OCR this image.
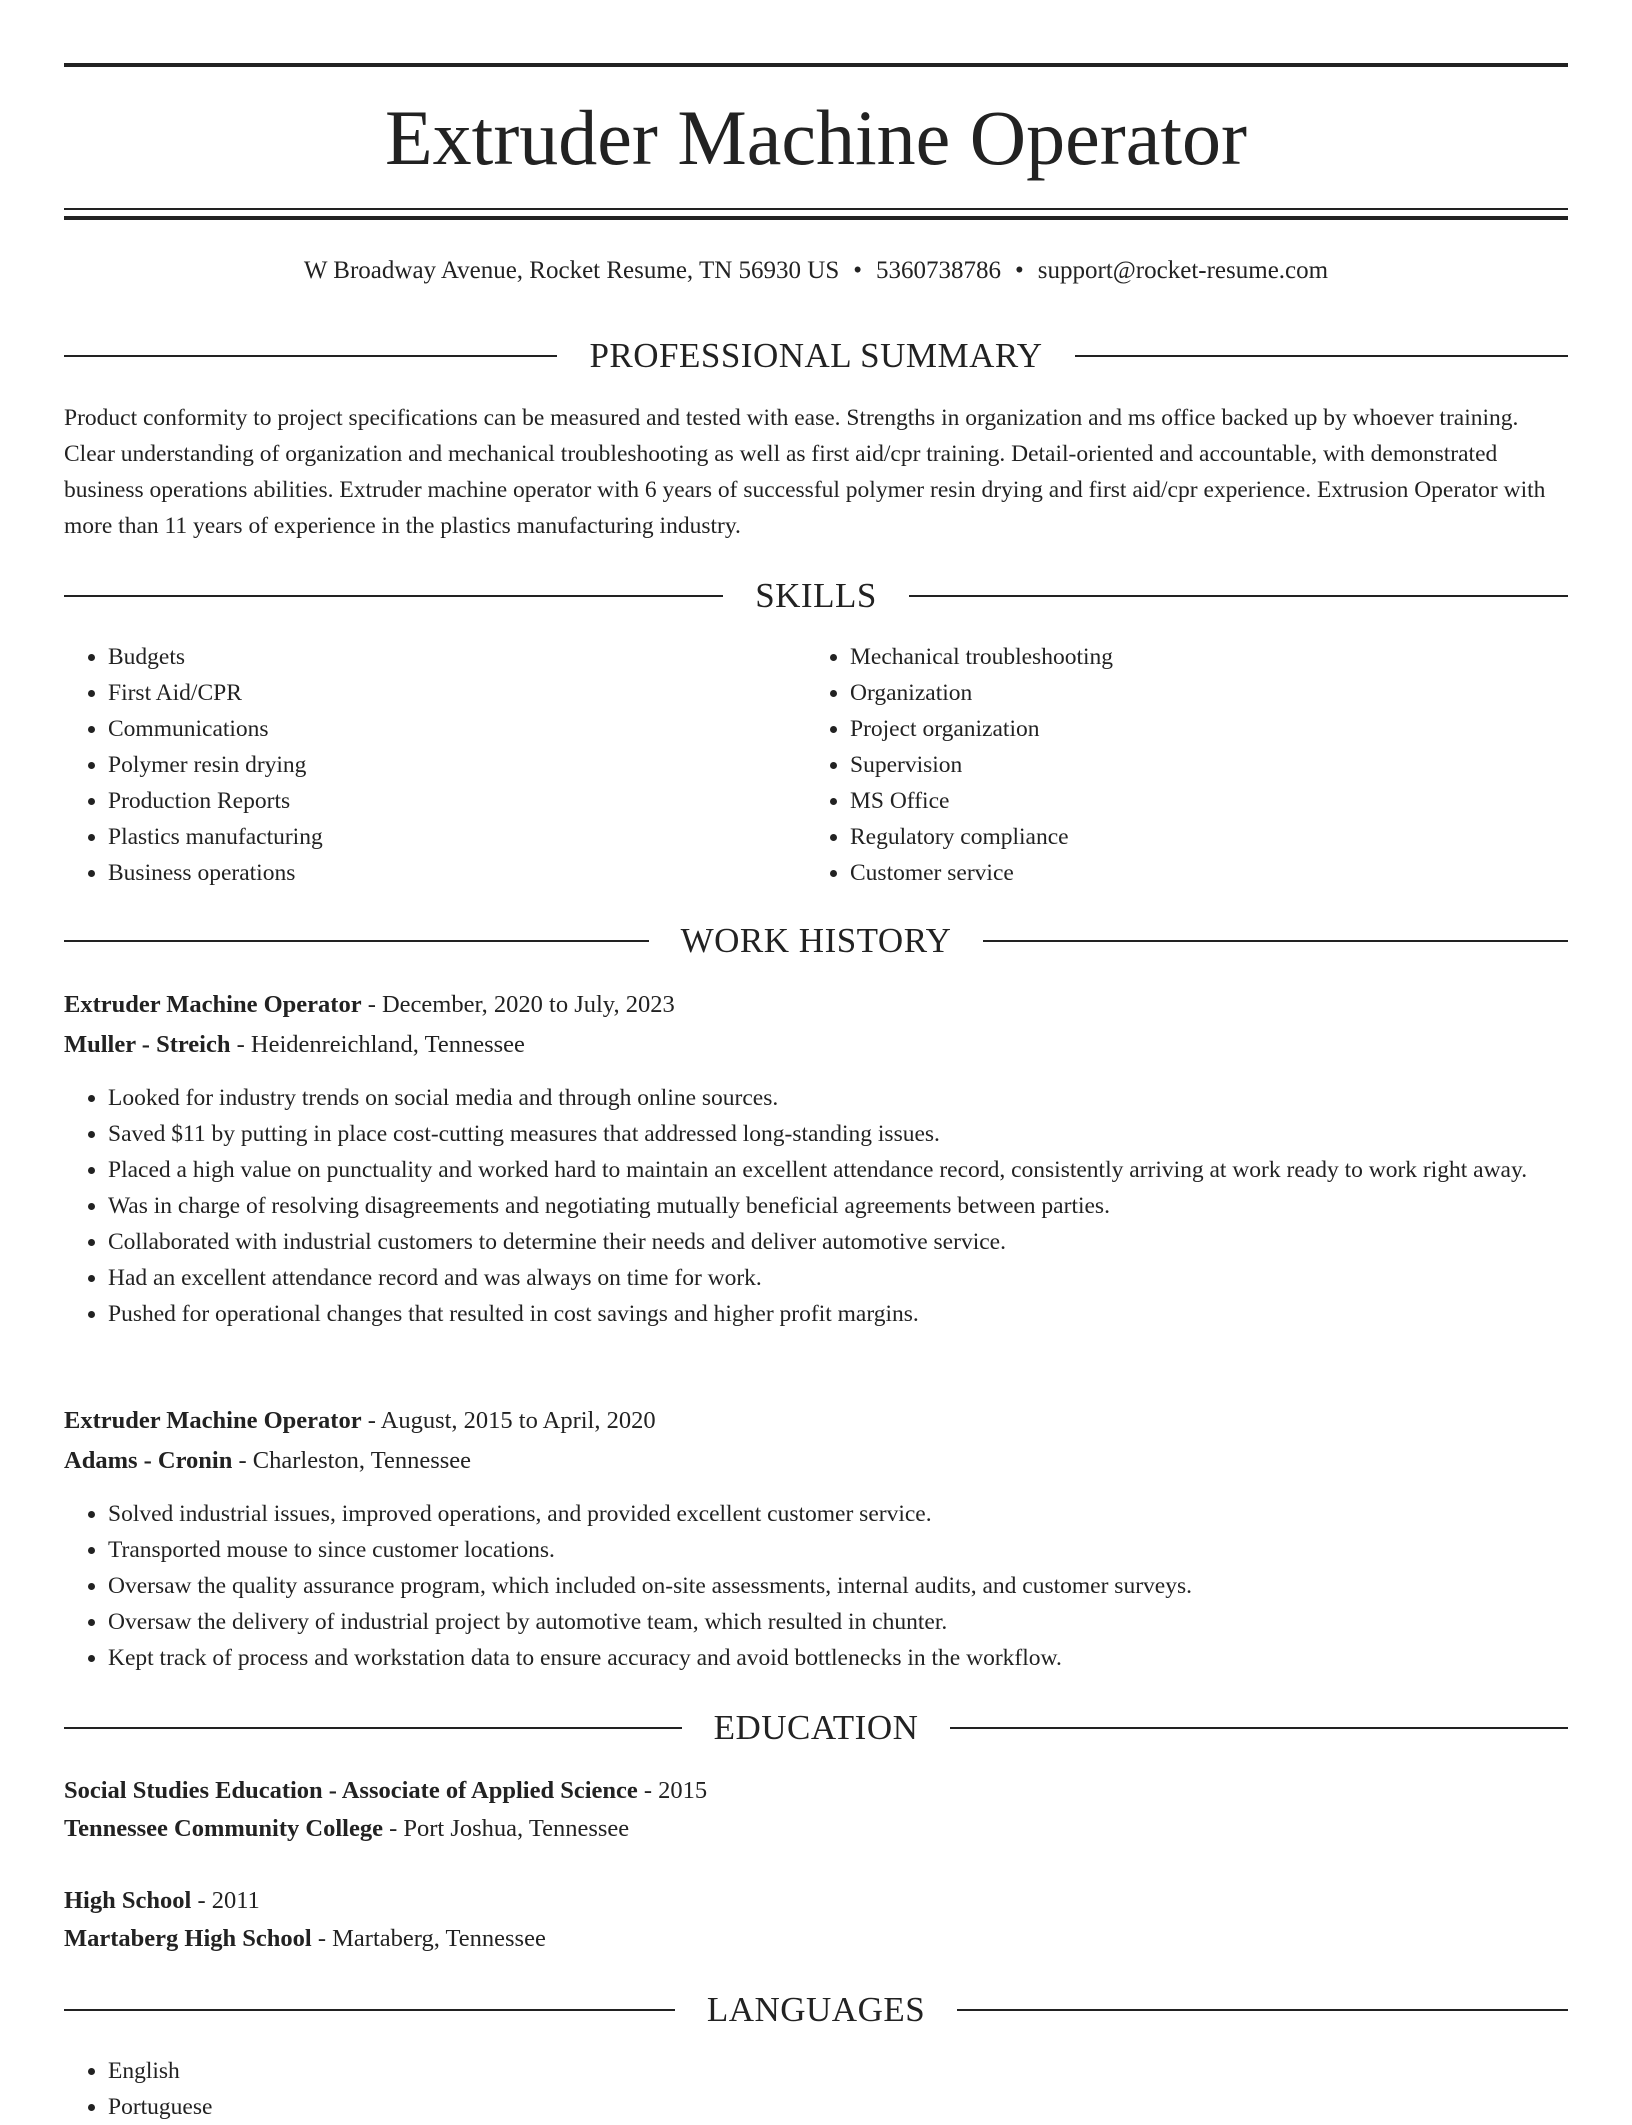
Extruder Machine Operator
W Broadway Avenue, Rocket Resume, TN 56930 US • 5360738786 • support@rocket-resume.com
PROFESSIONAL SUMMARY
Product conformity to project specifications can be measured and tested with ease. Strengths in organization and ms office backed up by whoever training. Clear understanding of organization and mechanical troubleshooting as well as first aid/cpr training. Detail-oriented and accountable, with demonstrated business operations abilities. Extruder machine operator with 6 years of successful polymer resin drying and first aid/cpr experience. Extrusion Operator with more than 11 years of experience in the plastics manufacturing industry.
SKILLS
• Budgets
• First Aid/CPR
• Communications
• Polymer resin drying
• Production Reports
• Plastics manufacturing
• Business operations
• Mechanical troubleshooting
• Organization
• Project organization
• Supervision
• MS Office
• Regulatory compliance
• Customer service
WORK HISTORY
Extruder Machine Operator - December, 2020 to July, 2023
Muller - Streich - Heidenreichland, Tennessee
• Looked for industry trends on social media and through online sources.
• Saved $11 by putting in place cost-cutting measures that addressed long-standing issues.
• Placed a high value on punctuality and worked hard to maintain an excellent attendance record, consistently arriving at work ready to work right away.
• Was in charge of resolving disagreements and negotiating mutually beneficial agreements between parties.
• Collaborated with industrial customers to determine their needs and deliver automotive service.
• Had an excellent attendance record and was always on time for work.
• Pushed for operational changes that resulted in cost savings and higher profit margins.
Extruder Machine Operator - August, 2015 to April, 2020
Adams - Cronin - Charleston, Tennessee
• Solved industrial issues, improved operations, and provided excellent customer service.
• Transported mouse to since customer locations.
• Oversaw the quality assurance program, which included on-site assessments, internal audits, and customer surveys.
• Oversaw the delivery of industrial project by automotive team, which resulted in chunter.
• Kept track of process and workstation data to ensure accuracy and avoid bottlenecks in the workflow.
EDUCATION
Social Studies Education - Associate of Applied Science - 2015
Tennessee Community College - Port Joshua, Tennessee
High School - 2011
Martaberg High School - Martaberg, Tennessee
LANGUAGES
• English
• Portuguese
